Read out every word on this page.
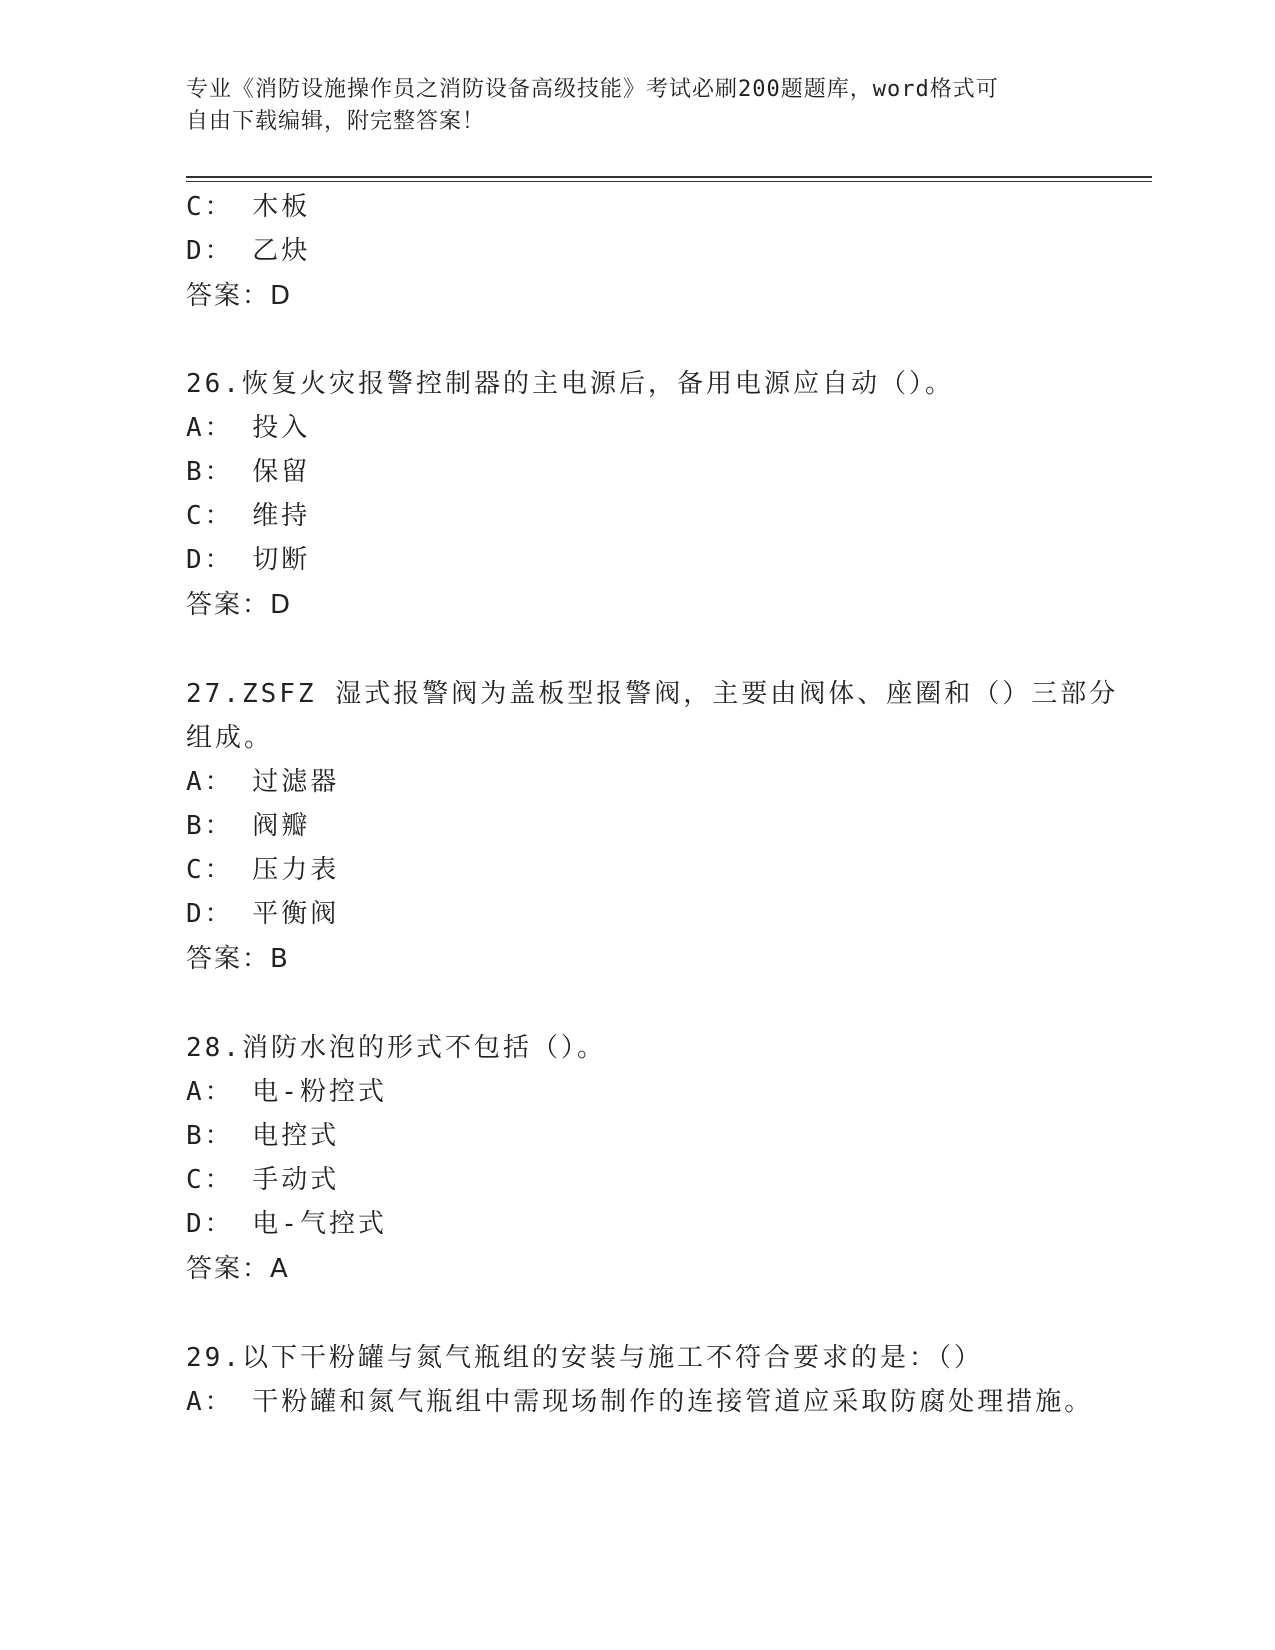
专业《消防设施操作员之消防设备高级技能》考试必刷200题题库，word格式可
自由下载编辑，附完整答案！
C： 木板
D： 乙炔
答案：D
26.恢复火灾报警控制器的主电源后，备用电源应自动（）。
A： 投入
B： 保留
C： 维持
D： 切断
答案：D
27.ZSFZ 湿式报警阀为盖板型报警阀，主要由阀体、座圈和（）三部分
组成。
A： 过滤器
B： 阀瓣
C： 压力表
D： 平衡阀
答案：B
28.消防水泡的形式不包括（）。
A： 电-粉控式
B： 电控式
C： 手动式
D： 电-气控式
答案：A
29.以下干粉罐与氮气瓶组的安装与施工不符合要求的是：（）
A： 干粉罐和氮气瓶组中需现场制作的连接管道应采取防腐处理措施。
